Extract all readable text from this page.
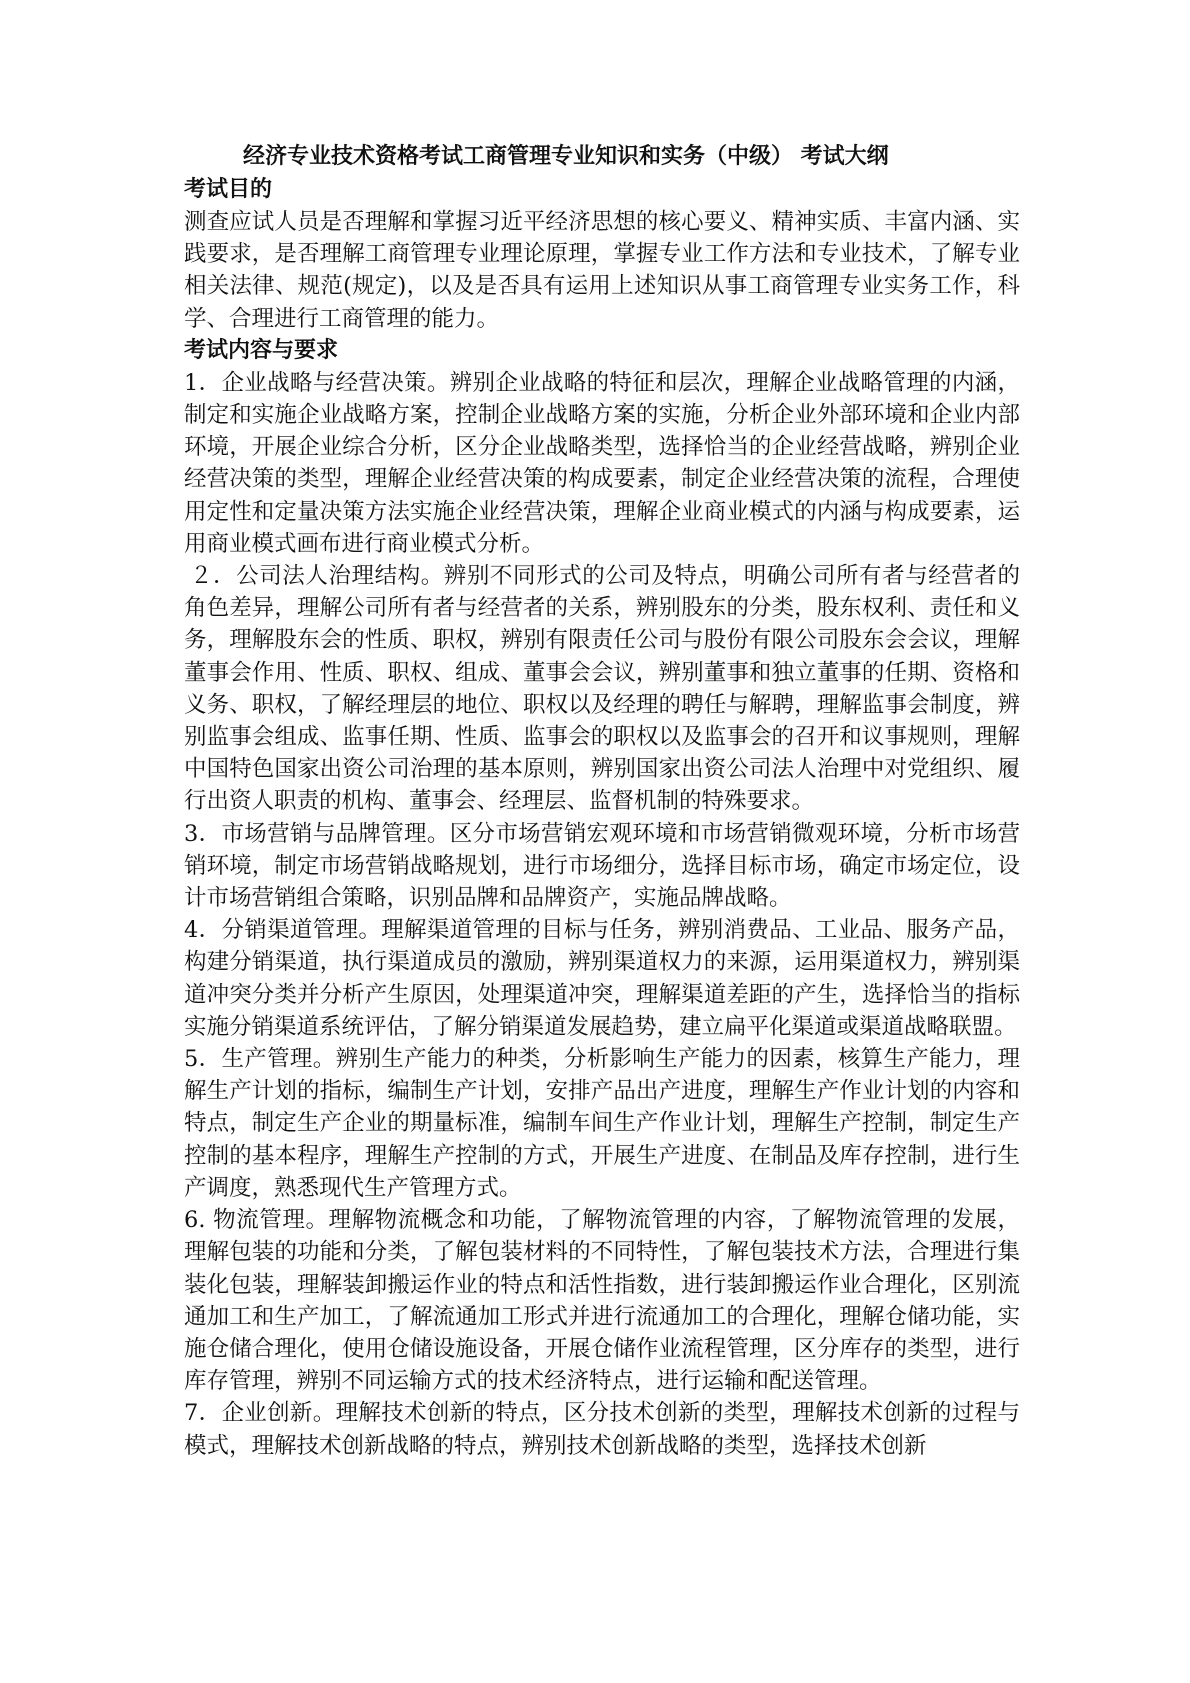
经济专业技术资格考试工商管理专业知识和实务（中级） 考试大纲
考试目的

测查应试人员是否理解和掌握习近平经济思想的核心要义、精神实质、丰富内涵、实践要求，是否理解工商管理专业理论原理，掌握专业工作方法和专业技术，了解专业相关法律、规范(规定)，以及是否具有运用上述知识从事工商管理专业实务工作，科学、合理进行工商管理的能力。

考试内容与要求

1．企业战略与经营决策。辨别企业战略的特征和层次，理解企业战略管理的内涵，制定和实施企业战略方案，控制企业战略方案的实施，分析企业外部环境和企业内部环境，开展企业综合分析，区分企业战略类型，选择恰当的企业经营战略，辨别企业经营决策的类型，理解企业经营决策的构成要素，制定企业经营决策的流程，合理使用定性和定量决策方法实施企业经营决策，理解企业商业模式的内涵与构成要素，运用商业模式画布进行商业模式分析。

２．公司法人治理结构。辨别不同形式的公司及特点，明确公司所有者与经营者的角色差异，理解公司所有者与经营者的关系，辨别股东的分类，股东权利、责任和义务，理解股东会的性质、职权，辨别有限责任公司与股份有限公司股东会会议，理解董事会作用、性质、职权、组成、董事会会议，辨别董事和独立董事的任期、资格和义务、职权，了解经理层的地位、职权以及经理的聘任与解聘，理解监事会制度，辨别监事会组成、监事任期、性质、监事会的职权以及监事会的召开和议事规则，理解中国特色国家出资公司治理的基本原则，辨别国家出资公司法人治理中对党组织、履行出资人职责的机构、董事会、经理层、监督机制的特殊要求。

3．市场营销与品牌管理。区分市场营销宏观环境和市场营销微观环境，分析市场营销环境，制定市场营销战略规划，进行市场细分，选择目标市场，确定市场定位，设计市场营销组合策略，识别品牌和品牌资产，实施品牌战略。

4．分销渠道管理。理解渠道管理的目标与任务，辨别消费品、工业品、服务产品，构建分销渠道，执行渠道成员的激励，辨别渠道权力的来源，运用渠道权力，辨别渠道冲突分类并分析产生原因，处理渠道冲突，理解渠道差距的产生，选择恰当的指标实施分销渠道系统评估，了解分销渠道发展趋势，建立扁平化渠道或渠道战略联盟。

5．生产管理。辨别生产能力的种类，分析影响生产能力的因素，核算生产能力，理解生产计划的指标，编制生产计划，安排产品出产进度，理解生产作业计划的内容和特点，制定生产企业的期量标准，编制车间生产作业计划，理解生产控制，制定生产控制的基本程序，理解生产控制的方式，开展生产进度、在制品及库存控制，进行生产调度，熟悉现代生产管理方式。

6. 物流管理。理解物流概念和功能，了解物流管理的内容，了解物流管理的发展，理解包装的功能和分类，了解包装材料的不同特性，了解包装技术方法，合理进行集装化包装，理解装卸搬运作业的特点和活性指数，进行装卸搬运作业合理化，区别流通加工和生产加工，了解流通加工形式并进行流通加工的合理化，理解仓储功能，实施仓储合理化，使用仓储设施设备，开展仓储作业流程管理，区分库存的类型，进行库存管理，辨别不同运输方式的技术经济特点，进行运输和配送管理。

7．企业创新。理解技术创新的特点，区分技术创新的类型，理解技术创新的过程与模式，理解技术创新战略的特点，辨别技术创新战略的类型，选择技术创新
